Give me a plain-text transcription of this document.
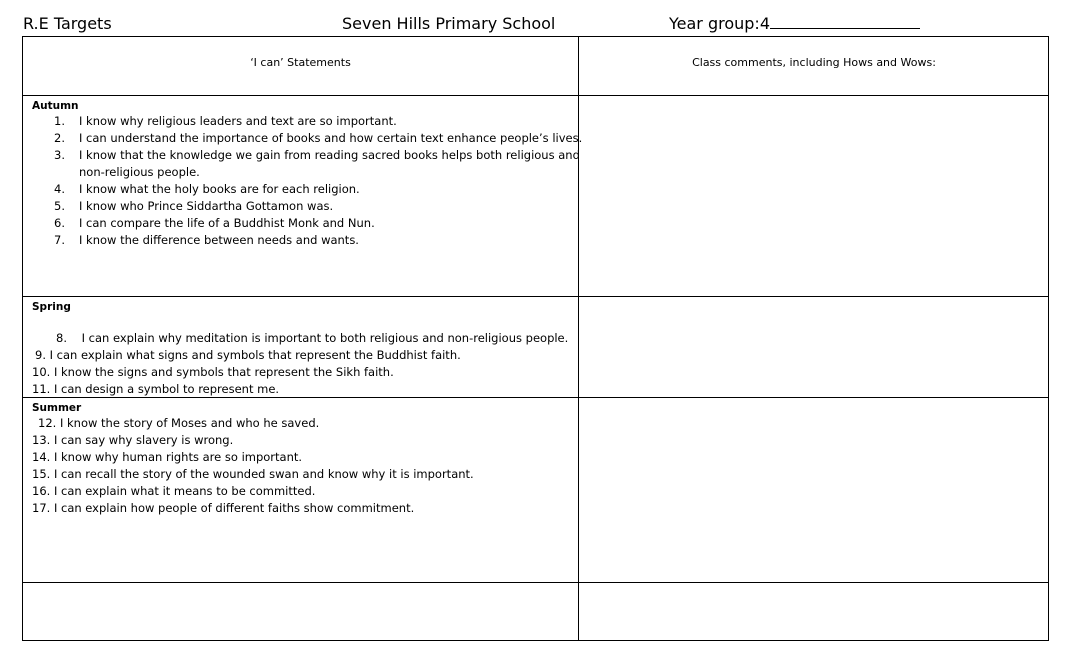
R.E Targets	Seven Hills Primary School	Year group:4
‘I can’ Statements	Class comments, including Hows and Wows:
Autumn
1. I know why religious leaders and text are so important.
2. I can understand the importance of books and how certain text enhance people’s lives.
3. I know that the knowledge we gain from reading sacred books helps both religious and
non-religious people.
4. I know what the holy books are for each religion.
5. I know who Prince Siddartha Gottamon was.
6. I can compare the life of a Buddhist Monk and Nun.
7. I know the difference between needs and wants.
Spring
8.    I can explain why meditation is important to both religious and non-religious people.
9. I can explain what signs and symbols that represent the Buddhist faith.
10. I know the signs and symbols that represent the Sikh faith.
11. I can design a symbol to represent me.
Summer
12. I know the story of Moses and who he saved.
13. I can say why slavery is wrong.
14. I know why human rights are so important.
15. I can recall the story of the wounded swan and know why it is important.
16. I can explain what it means to be committed.
17. I can explain how people of different faiths show commitment.
